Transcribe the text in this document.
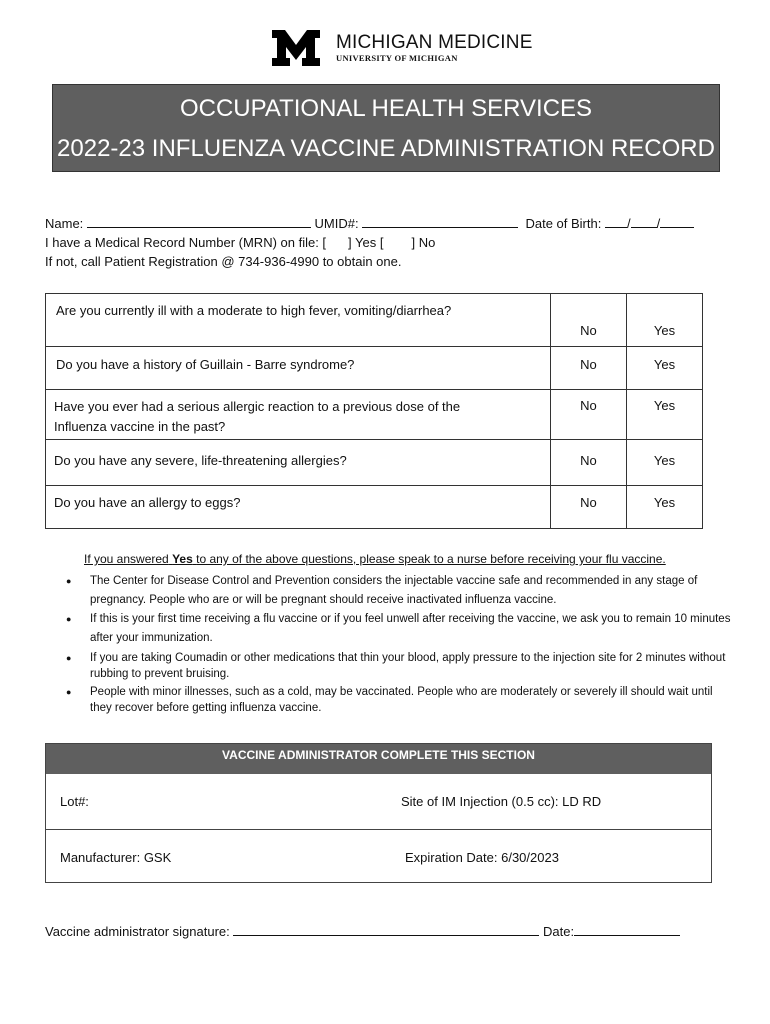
MICHIGAN MEDICINE
UNIVERSITY OF MICHIGAN
OCCUPATIONAL HEALTH SERVICES
2022-23 INFLUENZA VACCINE ADMINISTRATION RECORD
Name:	UMID#:	Date of Birth: / /
I have a Medical Record Number (MRN) on file: [ ] Yes [ ] No
If not, call Patient Registration @ 734-936-4990 to obtain one.
Are you currently ill with a moderate to high fever, vomiting/diarrhea?	No	Yes
Do you have a history of Guillain - Barre syndrome?	No	Yes
Have you ever had a serious allergic reaction to a previous dose of the Influenza vaccine in the past?	No	Yes
Do you have any severe, life-threatening allergies?	No	Yes
Do you have an allergy to eggs?	No	Yes
If you answered Yes to any of the above questions, please speak to a nurse before receiving your flu vaccine.
● The Center for Disease Control and Prevention considers the injectable vaccine safe and recommended in any stage of pregnancy. People who are or will be pregnant should receive inactivated influenza vaccine.
● If this is your first time receiving a flu vaccine or if you feel unwell after receiving the vaccine, we ask you to remain 10 minutes after your immunization.
● If you are taking Coumadin or other medications that thin your blood, apply pressure to the injection site for 2 minutes without rubbing to prevent bruising.
● People with minor illnesses, such as a cold, may be vaccinated. People who are moderately or severely ill should wait until they recover before getting influenza vaccine.
VACCINE ADMINISTRATOR COMPLETE THIS SECTION
Lot#:	Site of IM Injection (0.5 cc): LD RD
Manufacturer: GSK	Expiration Date: 6/30/2023
Vaccine administrator signature:	Date:
